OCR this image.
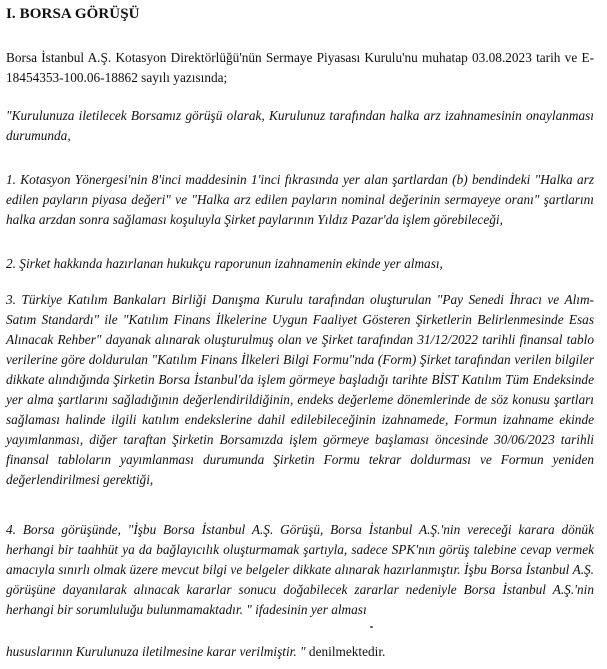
I. BORSA GÖRÜŞÜ

Borsa İstanbul A.Ş. Kotasyon Direktörlüğü'nün Sermaye Piyasası Kurulu'nu muhatap 03.08.2023 tarih ve E-18454353-100.06-18862 sayılı yazısında;

"Kurulunuza iletilecek Borsamız görüşü olarak, Kurulunuz tarafından halka arz izahnamesinin onaylanması durumunda,

1. Kotasyon Yönergesi'nin 8'inci maddesinin 1'inci fıkrasında yer alan şartlardan (b) bendindeki "Halka arz edilen payların piyasa değeri" ve "Halka arz edilen payların nominal değerinin sermayeye oranı" şartlarını halka arzdan sonra sağlaması koşuluyla Şirket paylarının Yıldız Pazar'da işlem görebileceği,

2. Şirket hakkında hazırlanan hukukçu raporunun izahnamenin ekinde yer alması,

3. Türkiye Katılım Bankaları Birliği Danışma Kurulu tarafından oluşturulan "Pay Senedi İhracı ve Alım-Satım Standardı" ile "Katılım Finans İlkelerine Uygun Faaliyet Gösteren Şirketlerin Belirlenmesinde Esas Alınacak Rehber" dayanak alınarak oluşturulmuş olan ve Şirket tarafından 31/12/2022 tarihli finansal tablo verilerine göre doldurulan "Katılım Finans İlkeleri Bilgi Formu"nda (Form) Şirket tarafından verilen bilgiler dikkate alındığında Şirketin Borsa İstanbul'da işlem görmeye başladığı tarihte BİST Katılım Tüm Endeksinde yer alma şartlarını sağladığının değerlendirildiğinin, endeks değerleme dönemlerinde de söz konusu şartları sağlaması halinde ilgili katılım endekslerine dahil edilebileceğinin izahnamede, Formun izahname ekinde yayımlanması, diğer taraftan Şirketin Borsamızda işlem görmeye başlaması öncesinde 30/06/2023 tarihli finansal tabloların yayımlanması durumunda Şirketin Formu tekrar doldurması ve Formun yeniden değerlendirilmesi gerektiği,

4. Borsa görüşünde, "İşbu Borsa İstanbul A.Ş. Görüşü, Borsa İstanbul A.Ş.'nin vereceği karara dönük herhangi bir taahhüt ya da bağlayıcılık oluşturmamak şartıyla, sadece SPK'nın görüş talebine cevap vermek amacıyla sınırlı olmak üzere mevcut bilgi ve belgeler dikkate alınarak hazırlanmıştır. İşbu Borsa İstanbul A.Ş. görüşüne dayanılarak alınacak kararlar sonucu doğabilecek zararlar nedeniyle Borsa İstanbul A.Ş.'nin herhangi bir sorumluluğu bulunmamaktadır. " ifadesinin yer alması

hususlarının Kurulunuza iletilmesine karar verilmiştir. " denilmektedir.
